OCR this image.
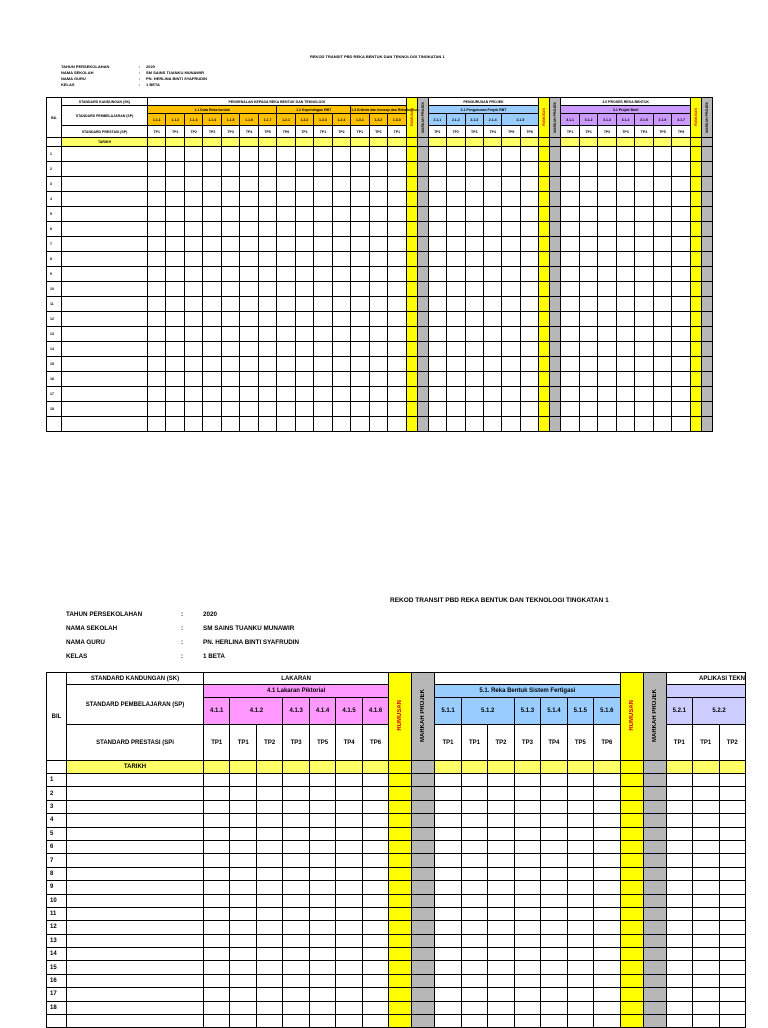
REKOD TRANSIT PBD REKA BENTUK DAN TEKNOLOGI TINGKATAN 1
TAHUN PERSEKOLAHAN	: 2020
NAMA SEKOLAH	: SM SAINS TUANKU MUNAWIR
NAMA GURU	: PN. HERLINA BINTI SYAFRUDIN
KELAS	: 1 BETA
BIL	STANDARD KANDUNGAN (SK)	PENGENALAN KEPADA REKA BENTUK DAN TEKNOLOGI														RUMUSAN	MARKAH PROJEK	PENGURUSAN PROJEK						RUMUSAN	MARKAH PROJEK	3.0 PROSES REKA BENTUK							RUMUSAN	MARKAH PROJEK
	STANDARD PEMBELAJARAN (SP)	1.1 Duta Reka bentuk							1.2 Kepentingan RBT				1.3 Kriteria dan konsep dan Reka bentuk					3.1 Pengurusan Projek RBT								3.1 Projek Brief								
		1.1.1	1.1.2	1.1.3	1.1.4	1.1.5	1.1.6	1.1.7	1.2.1	1.2.2	1.2.3	1.2.4	1.3.1	1.3.2	1.3.3			2.1.1	2.1.2	2.1.3	2.1.4	2.1.5				3.1.1	3.1.2	3.1.3	3.1.4	3.1.5	3.1.6	3.1.7		
	STANDARD PRESTASI (SP)	TP1	TP1	TP2	TP2	TP3	TP4	TP5	TP6	TP1	TP1	TP2	TP1	TP2	TP1			TP1	TP2	TP3	TP4	TP5	TP6			TP1	TP1	TP2	TP3	TP4	TP5	TP6		
	TARIKH																																	
1																																		
2																																		
3																																		
4																																		
5																																		
6																																		
7																																		
8																																		
9																																		
10																																		
11																																		
12																																		
13																																		
14																																		
15																																		
16																																		
17																																		
18																																		

REKOD TRANSIT PBD REKA BENTUK DAN TEKNOLOGI TINGKATAN 1
TAHUN PERSEKOLAHAN	:	2020
NAMA SEKOLAH	:	SM SAINS TUANKU MUNAWIR
NAMA GURU	:	PN. HERLINA BINTI SYAFRUDIN
KELAS	:	1 BETA
BIL	STANDARD KANDUNGAN (SK)	LAKARAN							RUMUSAN	MARKAH PROJEK								RUMUSAN	MARKAH PROJEK	APLIKASI TEKN		
	STANDARD PEMBELAJARAN (SP)	4.1 Lakaran Piktorial									5.1. Reka Bentuk Sistem Fertigasi											
		4.1.1	4.1.2		4.1.3	4.1.4	4.1.5	4.1.6			5.1.1	5.1.2		5.1.3	5.1.4	5.1.5	5.1.6			5.2.1	5.2.2	
	STANDARD PRESTASI (SPi	TP1	TP1	TP2	TP3	TP5	TP4	TP6			TP1	TP1	TP2	TP3	TP4	TP5	TP6			TP1	TP1	TP2
	TARIKH																					
1																						
2																						
3																						
4																						
5																						
6																						
7																						
8																						
9																						
10																						
11																						
12																						
13																						
14																						
15																						
16																						
17																						
18																						
